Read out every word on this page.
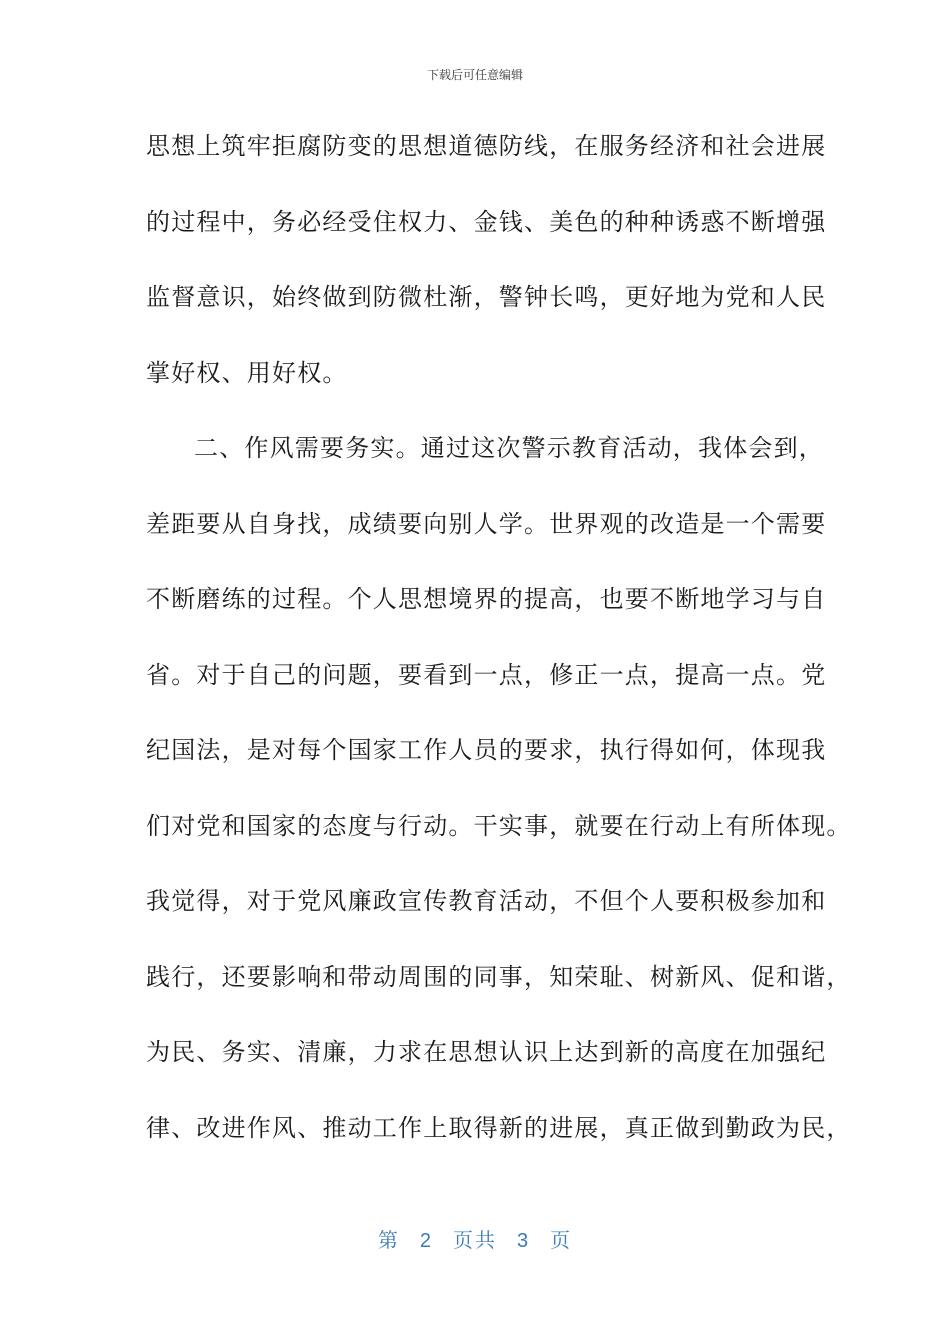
下载后可任意编辑
思想上筑牢拒腐防变的思想道德防线，在服务经济和社会进展
的过程中，务必经受住权力、金钱、美色的种种诱惑不断增强
监督意识，始终做到防微杜渐，警钟长鸣，更好地为党和人民
掌好权、用好权。
二、作风需要务实。通过这次警示教育活动，我体会到，
差距要从自身找，成绩要向别人学。世界观的改造是一个需要
不断磨练的过程。个人思想境界的提高，也要不断地学习与自
省。对于自己的问题，要看到一点，修正一点，提高一点。党
纪国法，是对每个国家工作人员的要求，执行得如何，体现我
们对党和国家的态度与行动。干实事，就要在行动上有所体现。
我觉得，对于党风廉政宣传教育活动，不但个人要积极参加和
践行，还要影响和带动周围的同事，知荣耻、树新风、促和谐，
为民、务实、清廉，力求在思想认识上达到新的高度在加强纪
律、改进作风、推动工作上取得新的进展，真正做到勤政为民，
第 2 页共 3 页
